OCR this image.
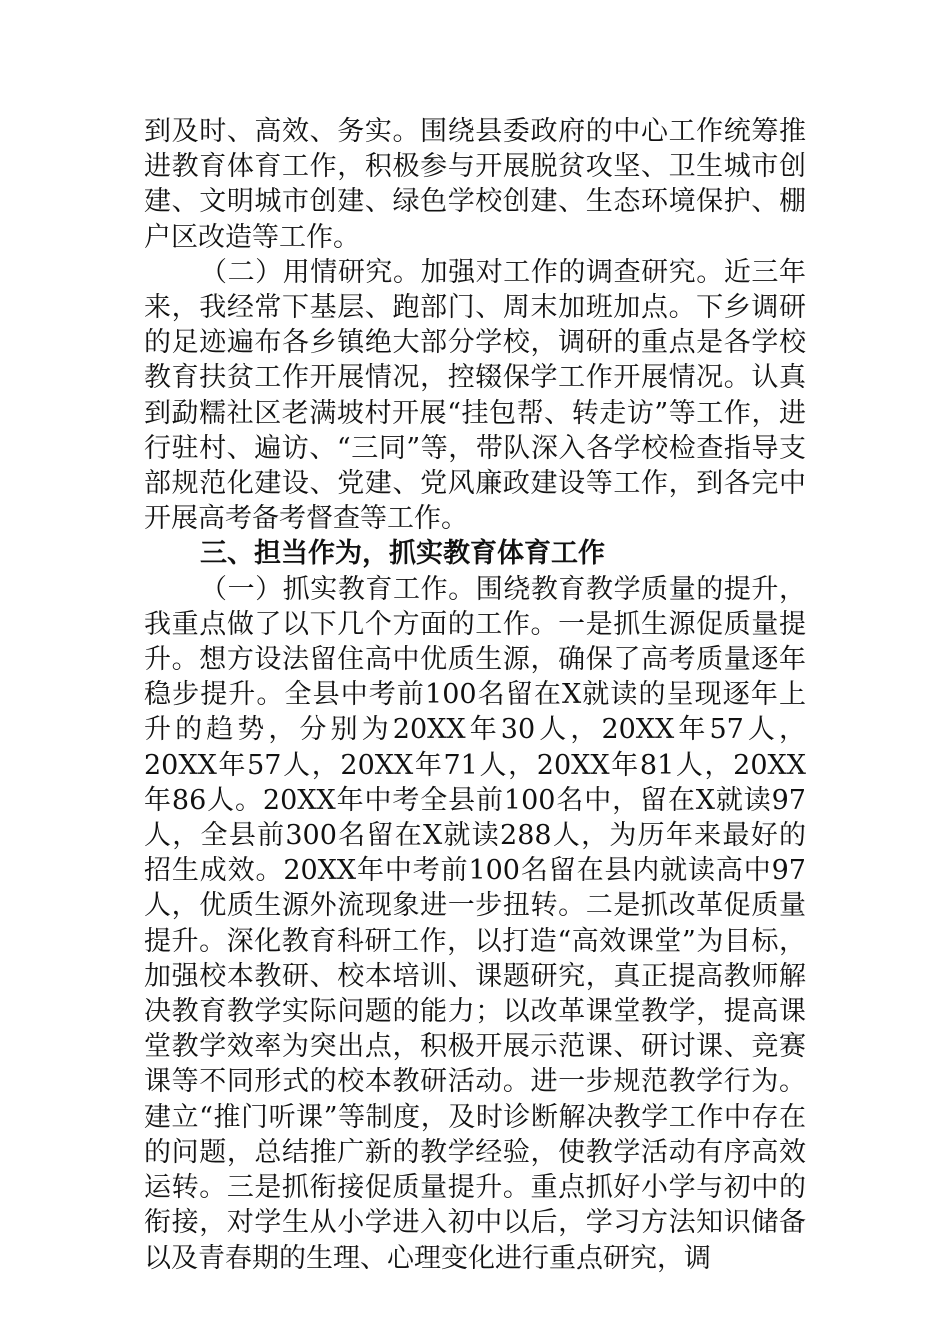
到及时、高效、务实。围绕县委政府的中心工作统筹推进教育体育工作，积极参与开展脱贫攻坚、卫生城市创建、文明城市创建、绿色学校创建、生态环境保护、棚户区改造等工作。

（二）用情研究。加强对工作的调查研究。近三年来，我经常下基层、跑部门、周末加班加点。下乡调研的足迹遍布各乡镇绝大部分学校，调研的重点是各学校教育扶贫工作开展情况，控辍保学工作开展情况。认真到勐糯社区老满坡村开展“挂包帮、转走访”等工作，进行驻村、遍访、“三同”等，带队深入各学校检查指导支部规范化建设、党建、党风廉政建设等工作，到各完中开展高考备考督查等工作。

三、担当作为，抓实教育体育工作

（一）抓实教育工作。围绕教育教学质量的提升，我重点做了以下几个方面的工作。一是抓生源促质量提升。想方设法留住高中优质生源，确保了高考质量逐年稳步提升。全县中考前100名留在X就读的呈现逐年上升的趋势，分别为20XX年30人，20XX年57人，20XX年57人，20XX年71人，20XX年81人，20XX年86人。20XX年中考全县前100名中，留在X就读97人，全县前300名留在X就读288人，为历年来最好的招生成效。20XX年中考前100名留在县内就读高中97人，优质生源外流现象进一步扭转。二是抓改革促质量提升。深化教育科研工作，以打造“高效课堂”为目标，加强校本教研、校本培训、课题研究，真正提高教师解决教育教学实际问题的能力；以改革课堂教学，提高课堂教学效率为突出点，积极开展示范课、研讨课、竞赛课等不同形式的校本教研活动。进一步规范教学行为。建立“推门听课”等制度，及时诊断解决教学工作中存在的问题，总结推广新的教学经验，使教学活动有序高效运转。三是抓衔接促质量提升。重点抓好小学与初中的衔接，对学生从小学进入初中以后，学习方法知识储备以及青春期的生理、心理变化进行重点研究，调
